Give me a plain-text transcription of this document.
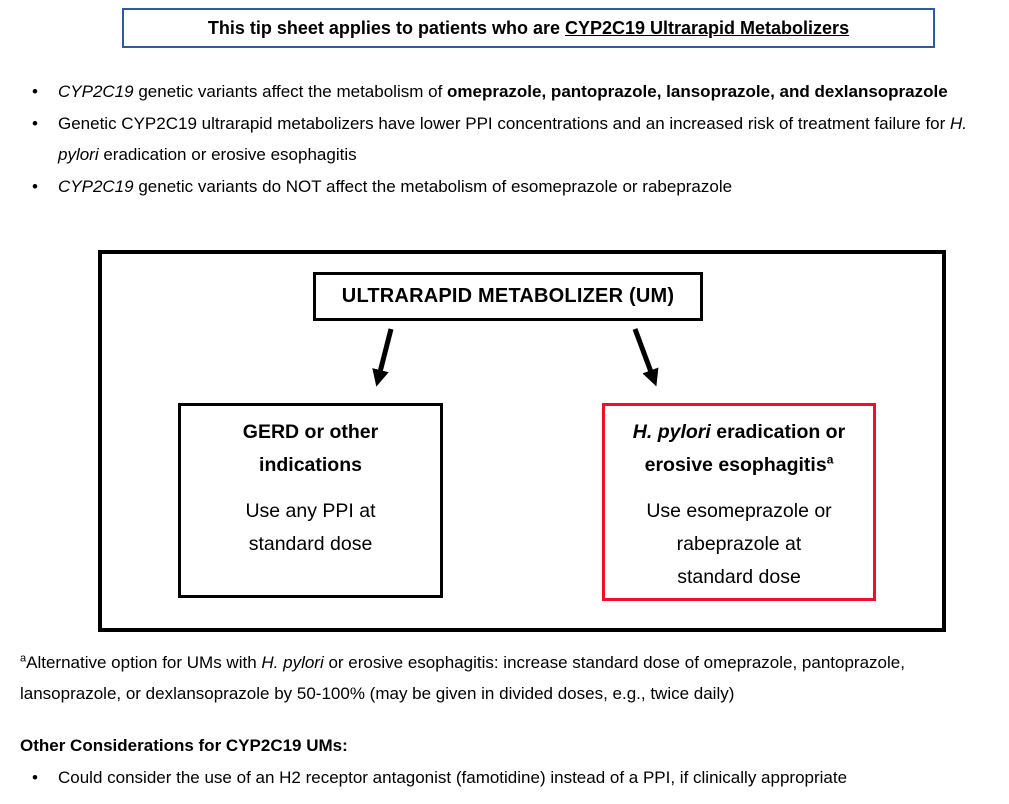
This tip sheet applies to patients who are CYP2C19 Ultrarapid Metabolizers
• CYP2C19 genetic variants affect the metabolism of omeprazole, pantoprazole, lansoprazole, and dexlansoprazole
• Genetic CYP2C19 ultrarapid metabolizers have lower PPI concentrations and an increased risk of treatment failure for H. pylori eradication or erosive esophagitis
• CYP2C19 genetic variants do NOT affect the metabolism of esomeprazole or rabeprazole
ULTRARAPID METABOLIZER (UM)
GERD or other
indications
Use any PPI at
standard dose
H. pylori eradication or
erosive esophagitis$^a$
Use esomeprazole or
rabeprazole at
standard dose
$^a$Alternative option for UMs with H. pylori or erosive esophagitis: increase standard dose of omeprazole, pantoprazole, lansoprazole, or dexlansoprazole by 50-100% (may be given in divided doses, e.g., twice daily)
Other Considerations for CYP2C19 UMs:
• Could consider the use of an H2 receptor antagonist (famotidine) instead of a PPI, if clinically appropriate
